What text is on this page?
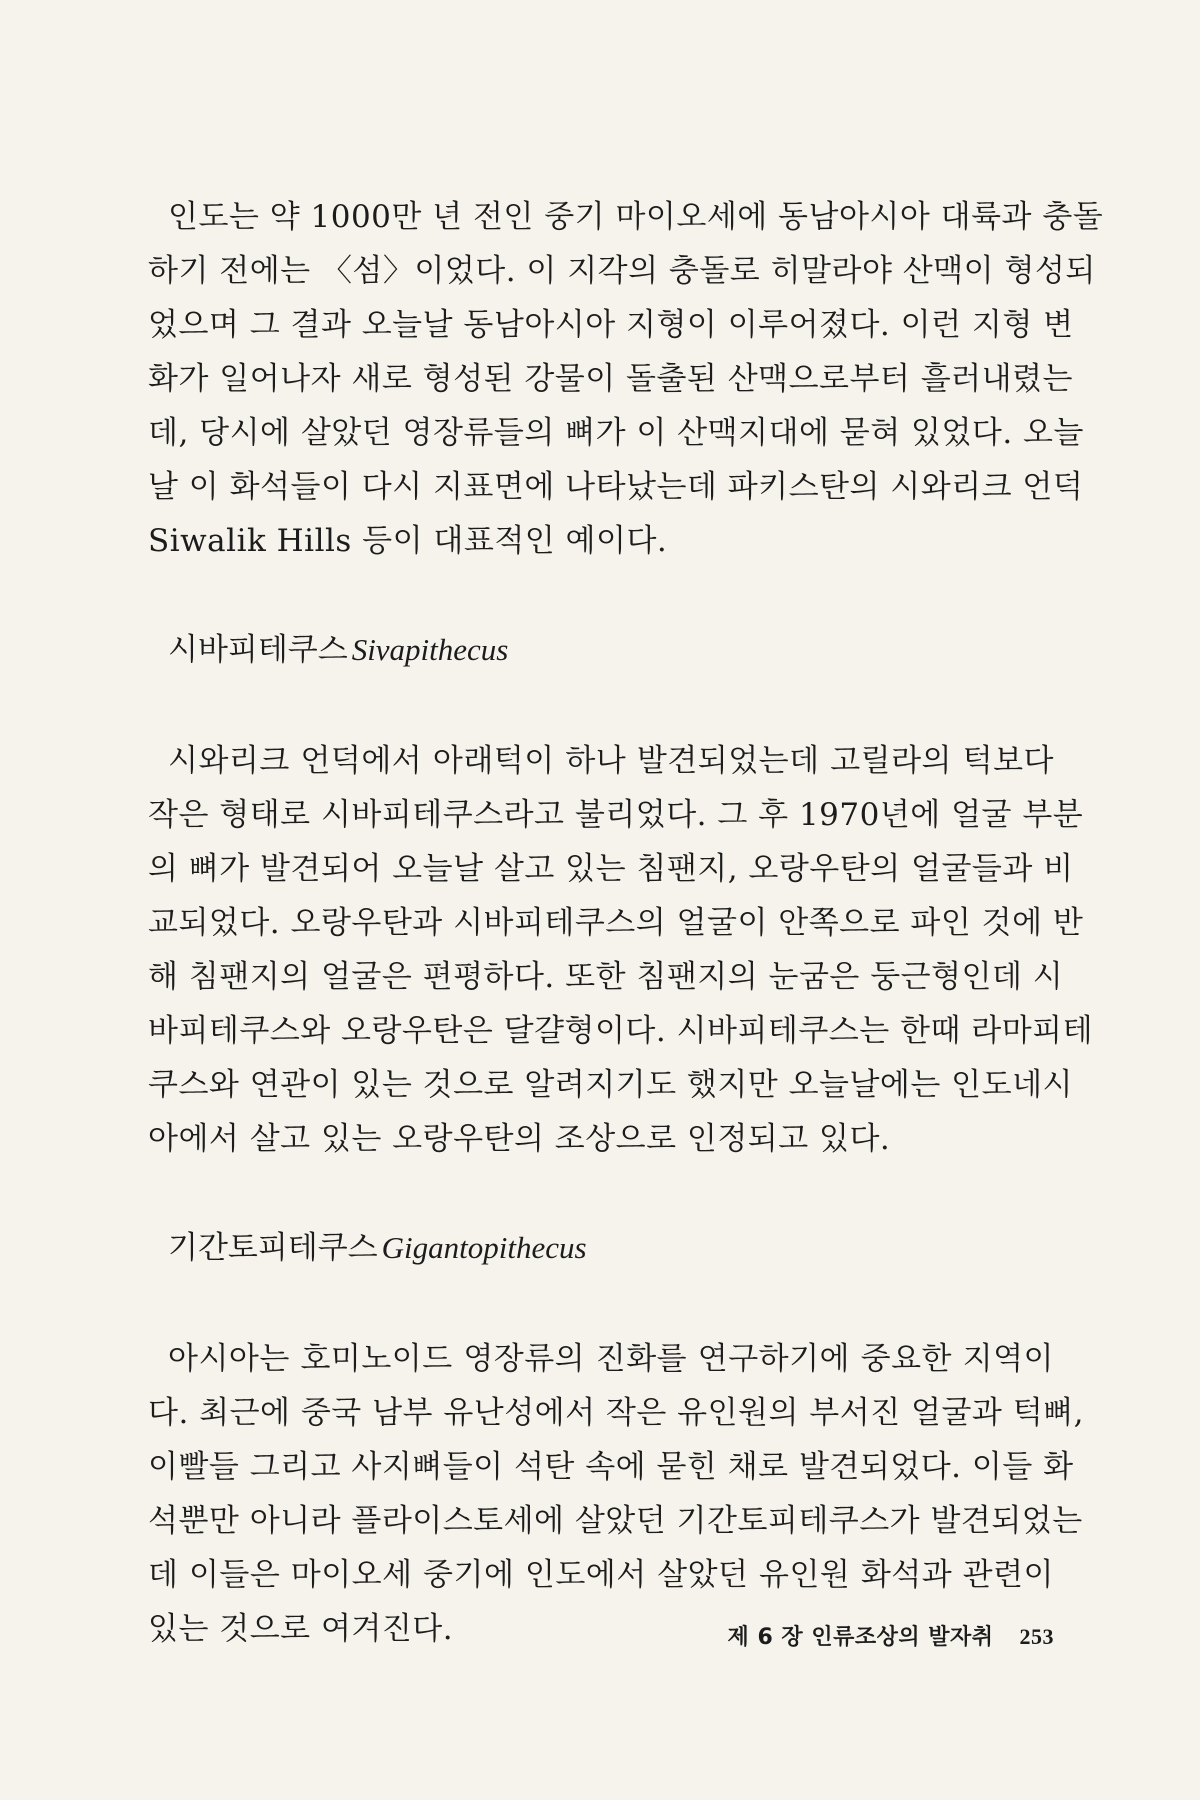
인도는 약 1000만 년 전인 중기 마이오세에 동남아시아 대륙과 충돌
하기 전에는 〈섬〉이었다. 이 지각의 충돌로 히말라야 산맥이 형성되
었으며 그 결과 오늘날 동남아시아 지형이 이루어졌다. 이런 지형 변
화가 일어나자 새로 형성된 강물이 돌출된 산맥으로부터 흘러내렸는
데, 당시에 살았던 영장류들의 뼈가 이 산맥지대에 묻혀 있었다. 오늘
날 이 화석들이 다시 지표면에 나타났는데 파키스탄의 시와리크 언덕
Siwalik Hills 등이 대표적인 예이다.
시바피테쿠스 Sivapithecus
시와리크 언덕에서 아래턱이 하나 발견되었는데 고릴라의 턱보다
작은 형태로 시바피테쿠스라고 불리었다. 그 후 1970년에 얼굴 부분
의 뼈가 발견되어 오늘날 살고 있는 침팬지, 오랑우탄의 얼굴들과 비
교되었다. 오랑우탄과 시바피테쿠스의 얼굴이 안쪽으로 파인 것에 반
해 침팬지의 얼굴은 편평하다. 또한 침팬지의 눈굼은 둥근형인데 시
바피테쿠스와 오랑우탄은 달걀형이다. 시바피테쿠스는 한때 라마피테
쿠스와 연관이 있는 것으로 알려지기도 했지만 오늘날에는 인도네시
아에서 살고 있는 오랑우탄의 조상으로 인정되고 있다.
기간토피테쿠스 Gigantopithecus
아시아는 호미노이드 영장류의 진화를 연구하기에 중요한 지역이
다. 최근에 중국 남부 유난성에서 작은 유인원의 부서진 얼굴과 턱뼈,
이빨들 그리고 사지뼈들이 석탄 속에 묻힌 채로 발견되었다. 이들 화
석뿐만 아니라 플라이스토세에 살았던 기간토피테쿠스가 발견되었는
데 이들은 마이오세 중기에 인도에서 살았던 유인원 화석과 관련이
있는 것으로 여겨진다.	제 6 장 인류조상의 발자취 253
